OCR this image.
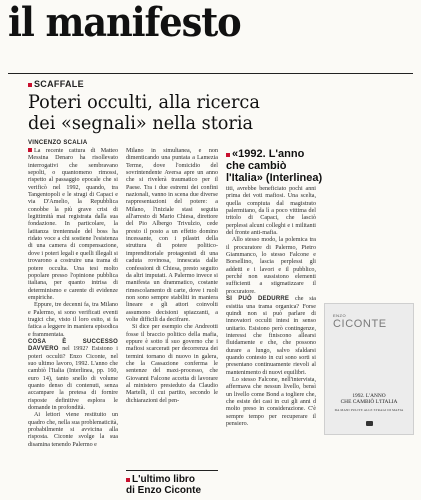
il manifesto
SCAFFALE
Poteri occulti, alla ricerca
dei «segnali» nella storia
VINCENZO SCALIA

La recente cattura di Matteo Messina Denaro ha risollevato interrogativi che sembravano sepolti, o quantomeno rimossi, rispetto al passaggio epocale che si verificò nel 1992, quando, tra Tangentopoli e le stragi di Capaci e via D'Amelio, la Repubblica conobbe la più grave crisi di legittimità mai registrata dalla sua fondazione. In particolare, la latitanza trentennale del boss ha ridato voce a chi sostiene l'esistenza di una camera di compensazione, dove i poteri legali e quelli illegali si trovarono a costruire una trama di potere occulta. Una tesi molto popolare presso l'opinione pubblica italiana, per quanto intrisa di determinismo e carente di evidenze empiriche.

Eppure, tre decenni fa, tra Milano e Palermo, si sono verificati eventi tragici che, visto il loro esito, si fa fatica a leggere in maniera episodica e frammentata.

COSA È SUCCESSO DAVVERO nel 1992? Esistono i poteri occulti? Enzo Ciconte, nel suo ultimo lavoro, 1992. L'anno che cambiò l'Italia (Interlinea, pp. 160, euro 14), tanto snello di volume quanto denso di contenuti, senza accampare la pretesa di fornire risposte definitive esplora le domande in profondità.

Ai lettori viene restituito un quadro che, nella sua problematicità, probabilmente si avvicina alla risposta. Ciconte svolge la sua disamina tenendo Palermo e

Milano in simultanea, e non dimenticando una puntata a Lamezia Terme, dove l'omicidio del sovrintendente Aversa apre un anno che si rivelerà traumatico per il Paese. Tra i due estremi dei confini nazionali, vanno in scena due diverse rappresentazioni del potere: a Milano, l'iniziale stasi seguita all'arresto di Mario Chiesa, direttore del Pio Albergo Trivulzio, cede presto il posto a un effetto domino incessante, con i pilastri della struttura di potere politico-imprenditoriale protagonisti di una caduta rovinosa, innescata dalle confessioni di Chiesa, presto seguito da altri imputati. A Palermo invece si manifesta un drammatico, costante rimescolamento di carte, dove i ruoli non sono sempre stabiliti in maniera lineare e gli attori coinvolti assumono decisioni spiazzanti, a volte difficili da decifrare.

Si dice per esempio che Andreotti fosse il braccio politico della mafia, eppure è sotto il suo governo che i mafiosi scarcerati per decorrenza dei termini tornano di nuovo in galera, che la Cassazione conferma le sentenze del maxi-processo, che Giovanni Falcone accetta di lavorare al ministero presieduto da Claudio Martelli, il cui partito, secondo le dichiarazioni del pen-

L'ultimo libro
di Enzo Ciconte
«1992. L'anno
che cambiò
l'Italia» (Interlinea)

titi, avrebbe beneficiato pochi anni prima dei voti mafiosi. Una scelta, quella compiuta dal magistrato palermitano, da lì a poco vittima del tritolo di Capaci, che lasciò perplessi alcuni colleghi e i militanti del fronte anti-mafia.

Allo stesso modo, la polemica tra il procuratore di Palermo, Pietro Giammanco, lo stesso Falcone e Borsellino, lascia perplessi gli addetti e i lavori e il pubblico, perché non sussistono elementi sufficienti a stigmatizzare il procuratore.

SI PUÒ DEDURRE che sia esistita una trama organica? Forse quindi non si può parlare di innovatori occulti intesi in senso unitario. Esistono però contingenze, interessi che finiscono allearsi fluidamente e che, che possono durare a lungo, salvo sfaldarsi quando contesto in cui sono sorti si presentano continuamente rievoli al mantenimento di nuovi equilibri.

Lo stesso Falcone, nell'intervista, affermava che nessun livello, bensì un livello come Bond a togliere che, che esiste dei casi in cui gli anni d molto preso in considerazione. C'è sempre tempo per recuperare il pensiero.

ENZO
CICONTE
1992. L'ANNO
CHE CAMBIÒ L'ITALIA
DA MANI PULITE ALLE STRAGI DI MAFIA
